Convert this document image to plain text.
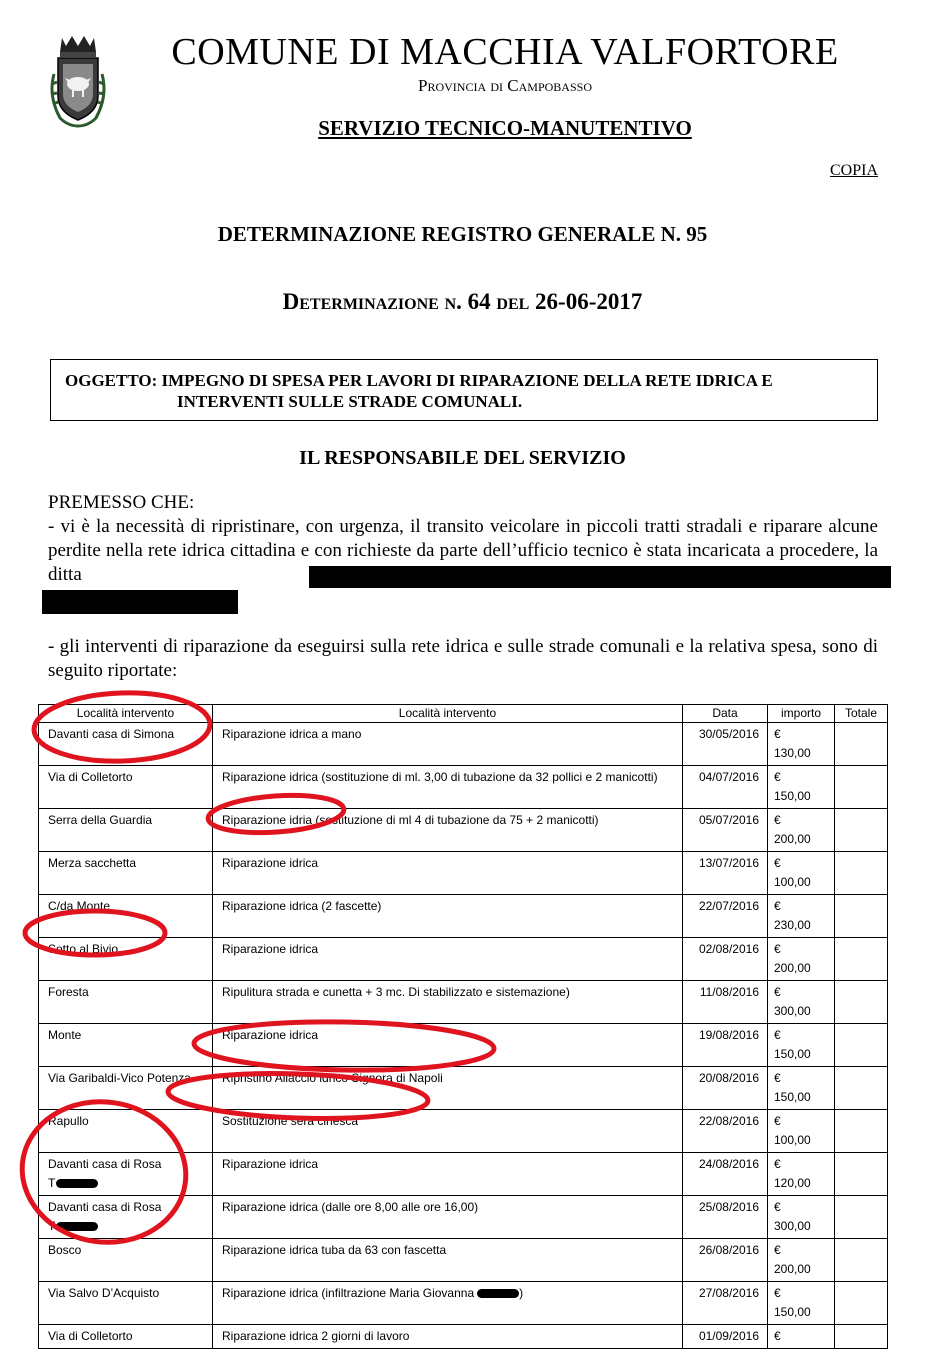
COMUNE DI MACCHIA VALFORTORE
Provincia di Campobasso
SERVIZIO TECNICO-MANUTENTIVO
COPIA
DETERMINAZIONE REGISTRO GENERALE N. 95
Determinazione n. 64 del 26-06-2017
OGGETTO: IMPEGNO DI SPESA PER LAVORI DI RIPARAZIONE DELLA RETE IDRICA E
INTERVENTI SULLE STRADE COMUNALI.
IL RESPONSABILE DEL SERVIZIO
PREMESSO CHE:
- vi è la necessità di ripristinare, con urgenza, il transito veicolare in piccoli tratti stradali e riparare alcune perdite nella rete idrica cittadina e con richieste da parte dell’ufficio tecnico è stata incaricata a procedere, la ditta
- gli interventi di riparazione da eseguirsi sulla rete idrica e sulle strade comunali e la relativa spesa, sono di seguito riportate:
Località intervento	Località intervento	Data	importo	Totale
Davanti casa di Simona	Riparazione idrica a mano	30/05/2016	€
130,00	
Via di Colletorto	Riparazione idrica (sostituzione di ml. 3,00 di tubazione da 32 pollici e 2 manicotti)	04/07/2016	€
150,00	
Serra della Guardia	Riparazione idria (sostituzione di ml 4 di tubazione da 75 + 2 manicotti)	05/07/2016	€
200,00	
Merza sacchetta	Riparazione idrica	13/07/2016	€
100,00	
C/da Monte	Riparazione idrica (2 fascette)	22/07/2016	€
230,00	
Sotto al Bivio	Riparazione idrica	02/08/2016	€
200,00	
Foresta	Ripulitura strada e cunetta + 3 mc. Di stabilizzato e sistemazione)	11/08/2016	€
300,00	
Monte	Riparazione idrica	19/08/2016	€
150,00	
Via Garibaldi-Vico Potenza	Ripristino Allaccio idrico Signora di Napoli	20/08/2016	€
150,00	
Rapullo	Sostituzione sera cinesca	22/08/2016	€
100,00	
Davanti casa di Rosa
T	Riparazione idrica	24/08/2016	€
120,00	
Davanti casa di Rosa
T	Riparazione idrica (dalle ore 8,00 alle ore 16,00)	25/08/2016	€
300,00	
Bosco	Riparazione idrica tuba da 63 con fascetta	26/08/2016	€
200,00	
Via Salvo D’Acquisto	Riparazione idrica (infiltrazione Maria Giovanna )	27/08/2016	€
150,00	
Via di Colletorto	Riparazione idrica 2 giorni di lavoro	01/09/2016	€	
